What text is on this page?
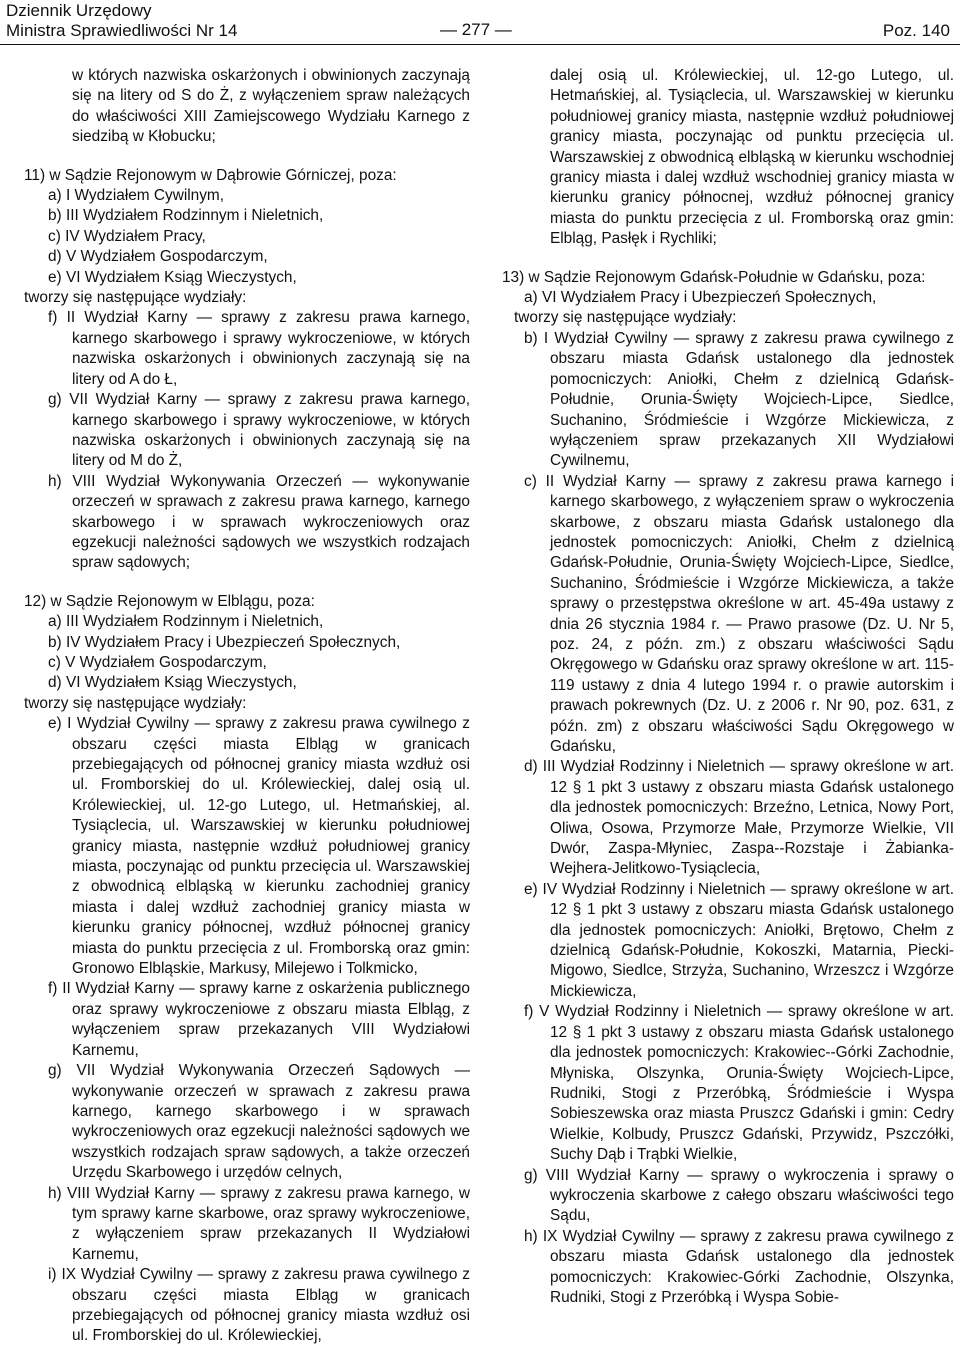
Dziennik Urzędowy
Ministra Sprawiedliwości Nr 14	— 277 —	Poz. 140

w których nazwiska oskarżonych i obwinionych zaczynają się na litery od S do Ż, z wyłączeniem spraw należących do właściwości XIII Zamiejscowego Wydziału Karnego z siedzibą w Kłobucku;

11) w Sądzie Rejonowym w Dąbrowie Górniczej, poza:

a) I Wydziałem Cywilnym,

b) III Wydziałem Rodzinnym i Nieletnich,

c) IV Wydziałem Pracy,

d) V Wydziałem Gospodarczym,

e) VI Wydziałem Ksiąg Wieczystych,

tworzy się następujące wydziały:

f) II Wydział Karny — sprawy z zakresu prawa karnego, karnego skarbowego i sprawy wykroczeniowe, w których nazwiska oskarżonych i obwinionych zaczynają się na litery od A do Ł,

g) VII Wydział Karny — sprawy z zakresu prawa karnego, karnego skarbowego i sprawy wykroczeniowe, w których nazwiska oskarżonych i obwinionych zaczynają się na litery od M do Ż,

h) VIII Wydział Wykonywania Orzeczeń — wykonywanie orzeczeń w sprawach z zakresu prawa karnego, karnego skarbowego i w sprawach wykroczeniowych oraz egzekucji należności sądowych we wszystkich rodzajach spraw sądowych;

12) w Sądzie Rejonowym w Elblągu, poza:

a) III Wydziałem Rodzinnym i Nieletnich,

b) IV Wydziałem Pracy i Ubezpieczeń Społecznych,

c) V Wydziałem Gospodarczym,

d) VI Wydziałem Ksiąg Wieczystych,

tworzy się następujące wydziały:

e) I Wydział Cywilny — sprawy z zakresu prawa cywilnego z obszaru części miasta Elbląg w granicach przebiegających od północnej granicy miasta wzdłuż osi ul. Fromborskiej do ul. Królewieckiej, dalej osią ul. Królewieckiej, ul. 12-go Lutego, ul. Hetmańskiej, al. Tysiąclecia, ul. Warszawskiej w kierunku południowej granicy miasta, następnie wzdłuż południowej granicy miasta, poczynając od punktu przecięcia ul. Warszawskiej z obwodnicą elbląską w kierunku zachodniej granicy miasta i dalej wzdłuż zachodniej granicy miasta w kierunku granicy północnej, wzdłuż północnej granicy miasta do punktu przecięcia z ul. Fromborską oraz gmin: Gronowo Elbląskie, Markusy, Milejewo i Tolkmicko,

f) II Wydział Karny — sprawy karne z oskarżenia publicznego oraz sprawy wykroczeniowe z obszaru miasta Elbląg, z wyłączeniem spraw przekazanych VIII Wydziałowi Karnemu,

g) VII Wydział Wykonywania Orzeczeń Sądowych — wykonywanie orzeczeń w sprawach z zakresu prawa karnego, karnego skarbowego i w sprawach wykroczeniowych oraz egzekucji należności sądowych we wszystkich rodzajach spraw sądowych, a także orzeczeń Urzędu Skarbowego i urzędów celnych,

h) VIII Wydział Karny — sprawy z zakresu prawa karnego, w tym sprawy karne skarbowe, oraz sprawy wykroczeniowe, z wyłączeniem spraw przekazanych II Wydziałowi Karnemu,

i) IX Wydział Cywilny — sprawy z zakresu prawa cywilnego z obszaru części miasta Elbląg w granicach przebiegających od północnej granicy miasta wzdłuż osi ul. Fromborskiej do ul. Królewieckiej,

dalej osią ul. Królewieckiej, ul. 12-go Lutego, ul. Hetmańskiej, al. Tysiąclecia, ul. Warszawskiej w kierunku południowej granicy miasta, następnie wzdłuż południowej granicy miasta, poczynając od punktu przecięcia ul. Warszawskiej z obwodnicą elbląską w kierunku wschodniej granicy miasta i dalej wzdłuż wschodniej granicy miasta w kierunku granicy północnej, wzdłuż północnej granicy miasta do punktu przecięcia z ul. Fromborską oraz gmin: Elbląg, Pasłęk i Rychliki;

13) w Sądzie Rejonowym Gdańsk-Południe w Gdańsku, poza:

a) VI Wydziałem Pracy i Ubezpieczeń Społecznych,

tworzy się następujące wydziały:

b) I Wydział Cywilny — sprawy z zakresu prawa cywilnego z obszaru miasta Gdańsk ustalonego dla jednostek pomocniczych: Aniołki, Chełm z dzielnicą Gdańsk-Południe, Orunia-Święty Wojciech-Lipce, Siedlce, Suchanino, Śródmieście i Wzgórze Mickiewicza, z wyłączeniem spraw przekazanych XII Wydziałowi Cywilnemu,

c) II Wydział Karny — sprawy z zakresu prawa karnego i karnego skarbowego, z wyłączeniem spraw o wykroczenia skarbowe, z obszaru miasta Gdańsk ustalonego dla jednostek pomocniczych: Aniołki, Chełm z dzielnicą Gdańsk-Południe, Orunia-Święty Wojciech-Lipce, Siedlce, Suchanino, Śródmieście i Wzgórze Mickiewicza, a także sprawy o przestępstwa określone w art. 45-49a ustawy z dnia 26 stycznia 1984 r. — Prawo prasowe (Dz. U. Nr 5, poz. 24, z późn. zm.) z obszaru właściwości Sądu Okręgowego w Gdańsku oraz sprawy określone w art. 115-119 ustawy z dnia 4 lutego 1994 r. o prawie autorskim i prawach pokrewnych (Dz. U. z 2006 r. Nr 90, poz. 631, z późn. zm) z obszaru właściwości Sądu Okręgowego w Gdańsku,

d) III Wydział Rodzinny i Nieletnich — sprawy określone w art. 12 § 1 pkt 3 ustawy z obszaru miasta Gdańsk ustalonego dla jednostek pomocniczych: Brzeźno, Letnica, Nowy Port, Oliwa, Osowa, Przymorze Małe, Przymorze Wielkie, VII Dwór, Zaspa-Młyniec, Zaspa--Rozstaje i Żabianka-Wejhera-Jelitkowo-Tysiąclecia,

e) IV Wydział Rodzinny i Nieletnich — sprawy określone w art. 12 § 1 pkt 3 ustawy z obszaru miasta Gdańsk ustalonego dla jednostek pomocniczych: Aniołki, Brętowo, Chełm z dzielnicą Gdańsk-Południe, Kokoszki, Matarnia, Piecki-Migowo, Siedlce, Strzyża, Suchanino, Wrzeszcz i Wzgórze Mickiewicza,

f) V Wydział Rodzinny i Nieletnich — sprawy określone w art. 12 § 1 pkt 3 ustawy z obszaru miasta Gdańsk ustalonego dla jednostek pomocniczych: Krakowiec--Górki Zachodnie, Młyniska, Olszynka, Orunia-Święty Wojciech-Lipce, Rudniki, Stogi z Przeróbką, Śródmieście i Wyspa Sobieszewska oraz miasta Pruszcz Gdański i gmin: Cedry Wielkie, Kolbudy, Pruszcz Gdański, Przywidz, Pszczółki, Suchy Dąb i Trąbki Wielkie,

g) VIII Wydział Karny — sprawy o wykroczenia i sprawy o wykroczenia skarbowe z całego obszaru właściwości tego Sądu,

h) IX Wydział Cywilny — sprawy z zakresu prawa cywilnego z obszaru miasta Gdańsk ustalonego dla jednostek pomocniczych: Krakowiec-Górki Zachodnie, Olszynka, Rudniki, Stogi z Przeróbką i Wyspa Sobie-
